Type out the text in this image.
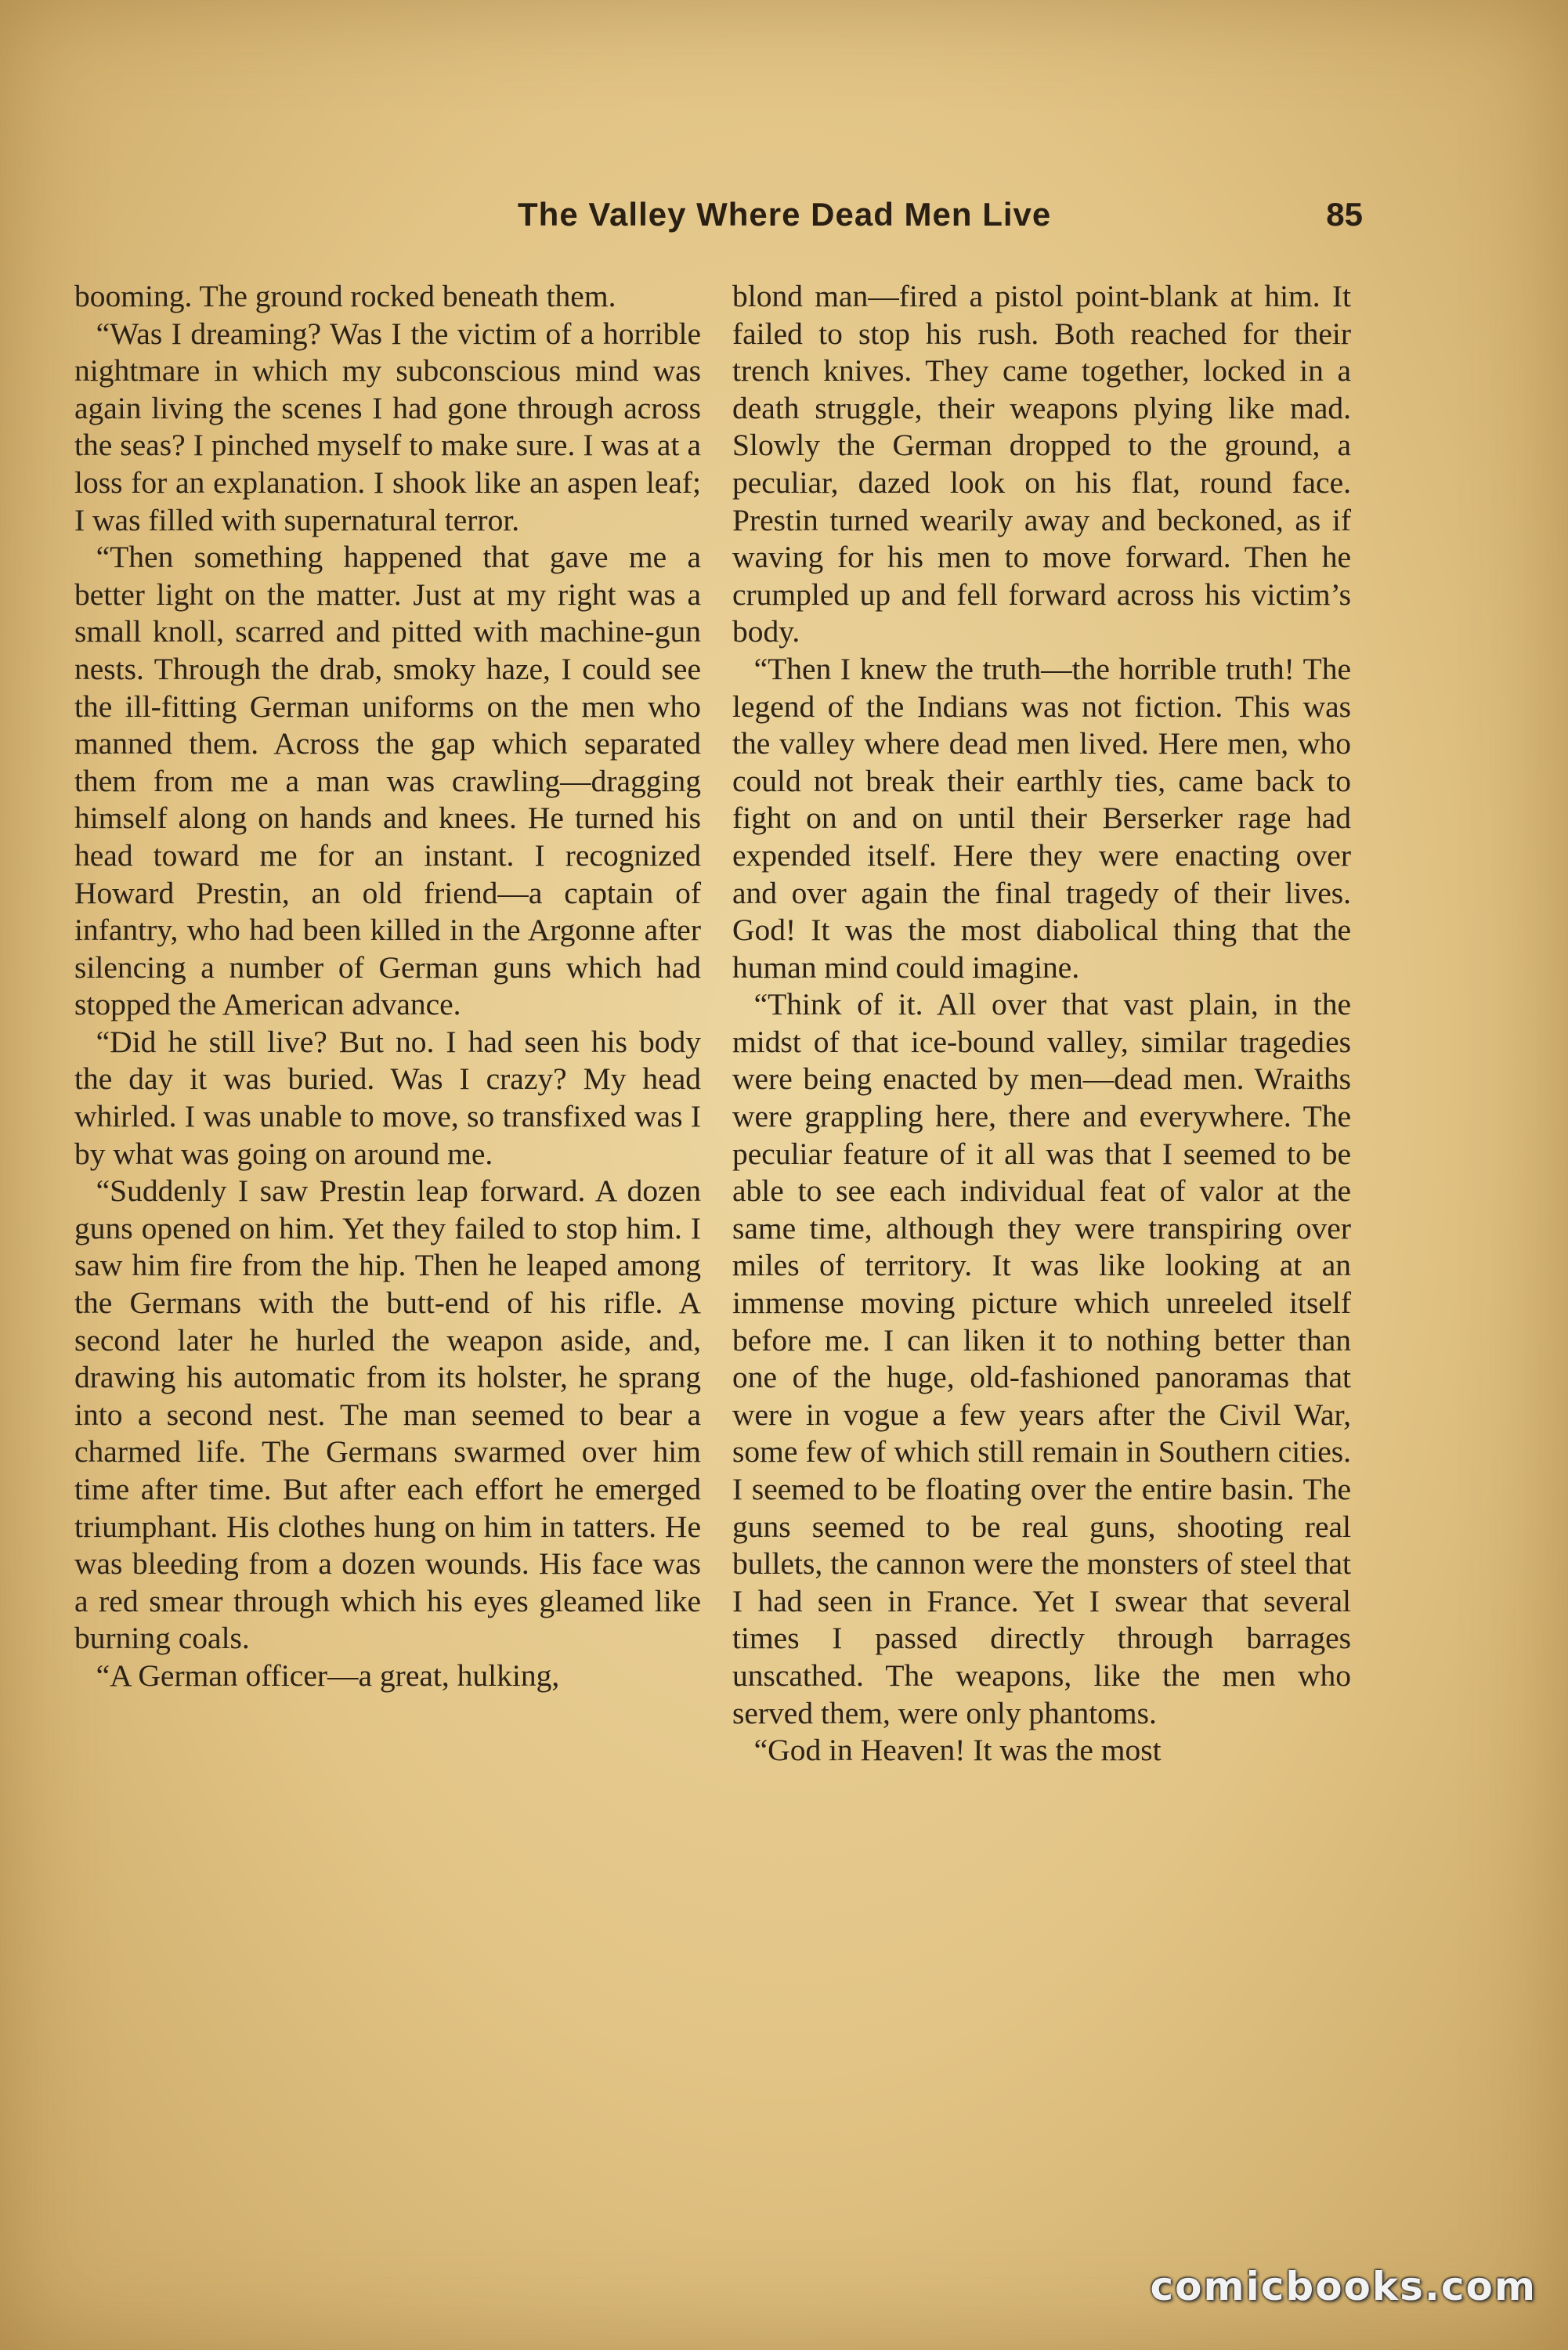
The Valley Where Dead Men Live	85

booming. The ground rocked beneath them.

“Was I dreaming? Was I the victim of a horrible nightmare in which my subconscious mind was again living the scenes I had gone through across the seas? I pinched myself to make sure. I was at a loss for an explanation. I shook like an aspen leaf; I was filled with supernatural terror.

“Then something happened that gave me a better light on the matter. Just at my right was a small knoll, scarred and pitted with machine-gun nests. Through the drab, smoky haze, I could see the ill-fitting German uniforms on the men who manned them. Across the gap which separated them from me a man was crawling—dragging himself along on hands and knees. He turned his head toward me for an instant. I recognized Howard Prestin, an old friend—a captain of infantry, who had been killed in the Argonne after silencing a number of German guns which had stopped the American advance.

“Did he still live? But no. I had seen his body the day it was buried. Was I crazy? My head whirled. I was unable to move, so transfixed was I by what was going on around me.

“Suddenly I saw Prestin leap forward. A dozen guns opened on him. Yet they failed to stop him. I saw him fire from the hip. Then he leaped among the Germans with the butt-end of his rifle. A second later he hurled the weapon aside, and, drawing his automatic from its holster, he sprang into a second nest. The man seemed to bear a charmed life. The Germans swarmed over him time after time. But after each effort he emerged triumphant. His clothes hung on him in tatters. He was bleeding from a dozen wounds. His face was a red smear through which his eyes gleamed like burning coals.

“A German officer—a great, hulking,

blond man—fired a pistol point-blank at him. It failed to stop his rush. Both reached for their trench knives. They came together, locked in a death struggle, their weapons plying like mad. Slowly the German dropped to the ground, a peculiar, dazed look on his flat, round face. Prestin turned wearily away and beckoned, as if waving for his men to move forward. Then he crumpled up and fell forward across his victim’s body.

“Then I knew the truth—the horrible truth! The legend of the Indians was not fiction. This was the valley where dead men lived. Here men, who could not break their earthly ties, came back to fight on and on until their Berserker rage had expended itself. Here they were enacting over and over again the final tragedy of their lives. God! It was the most diabolical thing that the human mind could imagine.

“Think of it. All over that vast plain, in the midst of that ice-bound valley, similar tragedies were being enacted by men—dead men. Wraiths were grappling here, there and everywhere. The peculiar feature of it all was that I seemed to be able to see each individual feat of valor at the same time, although they were transpiring over miles of territory. It was like looking at an immense moving picture which unreeled itself before me. I can liken it to nothing better than one of the huge, old-fashioned panoramas that were in vogue a few years after the Civil War, some few of which still remain in Southern cities. I seemed to be floating over the entire basin. The guns seemed to be real guns, shooting real bullets, the cannon were the monsters of steel that I had seen in France. Yet I swear that several times I passed directly through barrages unscathed. The weapons, like the men who served them, were only phantoms.

“God in Heaven! It was the most

comicbooks.com
